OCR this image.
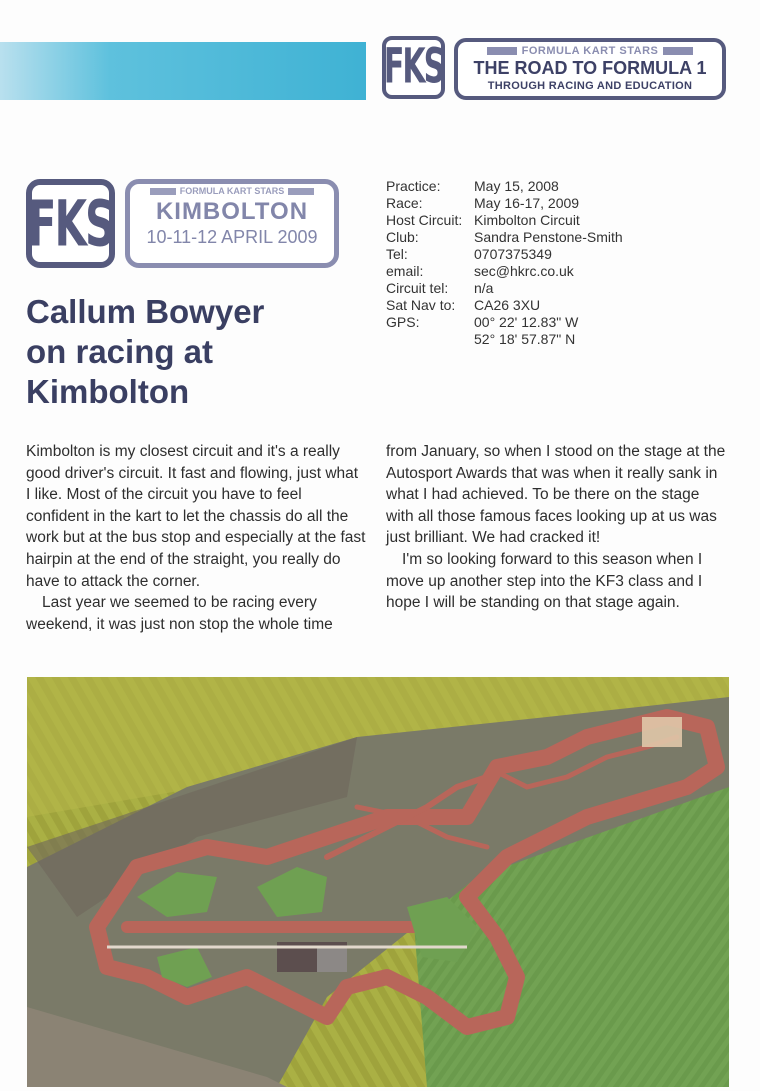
FKS	FORMULA KART STARS
THE ROAD TO FORMULA 1
THROUGH RACING AND EDUCATION
FKS	FORMULA KART STARS
KIMBOLTON
10-11-12 APRIL 2009
Practice:	May 15, 2008
Race:	May 16-17, 2009
Host Circuit: Kimbolton Circuit
Club:	Sandra Penstone-Smith
Tel:	0707375349
email:	sec@hkrc.co.uk
Circuit tel:	n/a
Sat Nav to:	CA26 3XU
GPS:	00° 22' 12.83" W
52° 18' 57.87" N
Callum Bowyer
on racing at
Kimbolton

Kimbolton is my closest circuit and it's a really good driver's circuit. It fast and flowing, just what I like. Most of the circuit you have to feel confident in the kart to let the chassis do all the work but at the bus stop and especially at the fast hairpin at the end of the straight, you really do have to attack the corner.

Last year we seemed to be racing every weekend, it was just non stop the whole time

from January, so when I stood on the stage at the Autosport Awards that was when it really sank in what I had achieved. To be there on the stage with all those famous faces looking up at us was just brilliant. We had cracked it!

I'm so looking forward to this season when I move up another step into the KF3 class and I hope I will be standing on that stage again.
